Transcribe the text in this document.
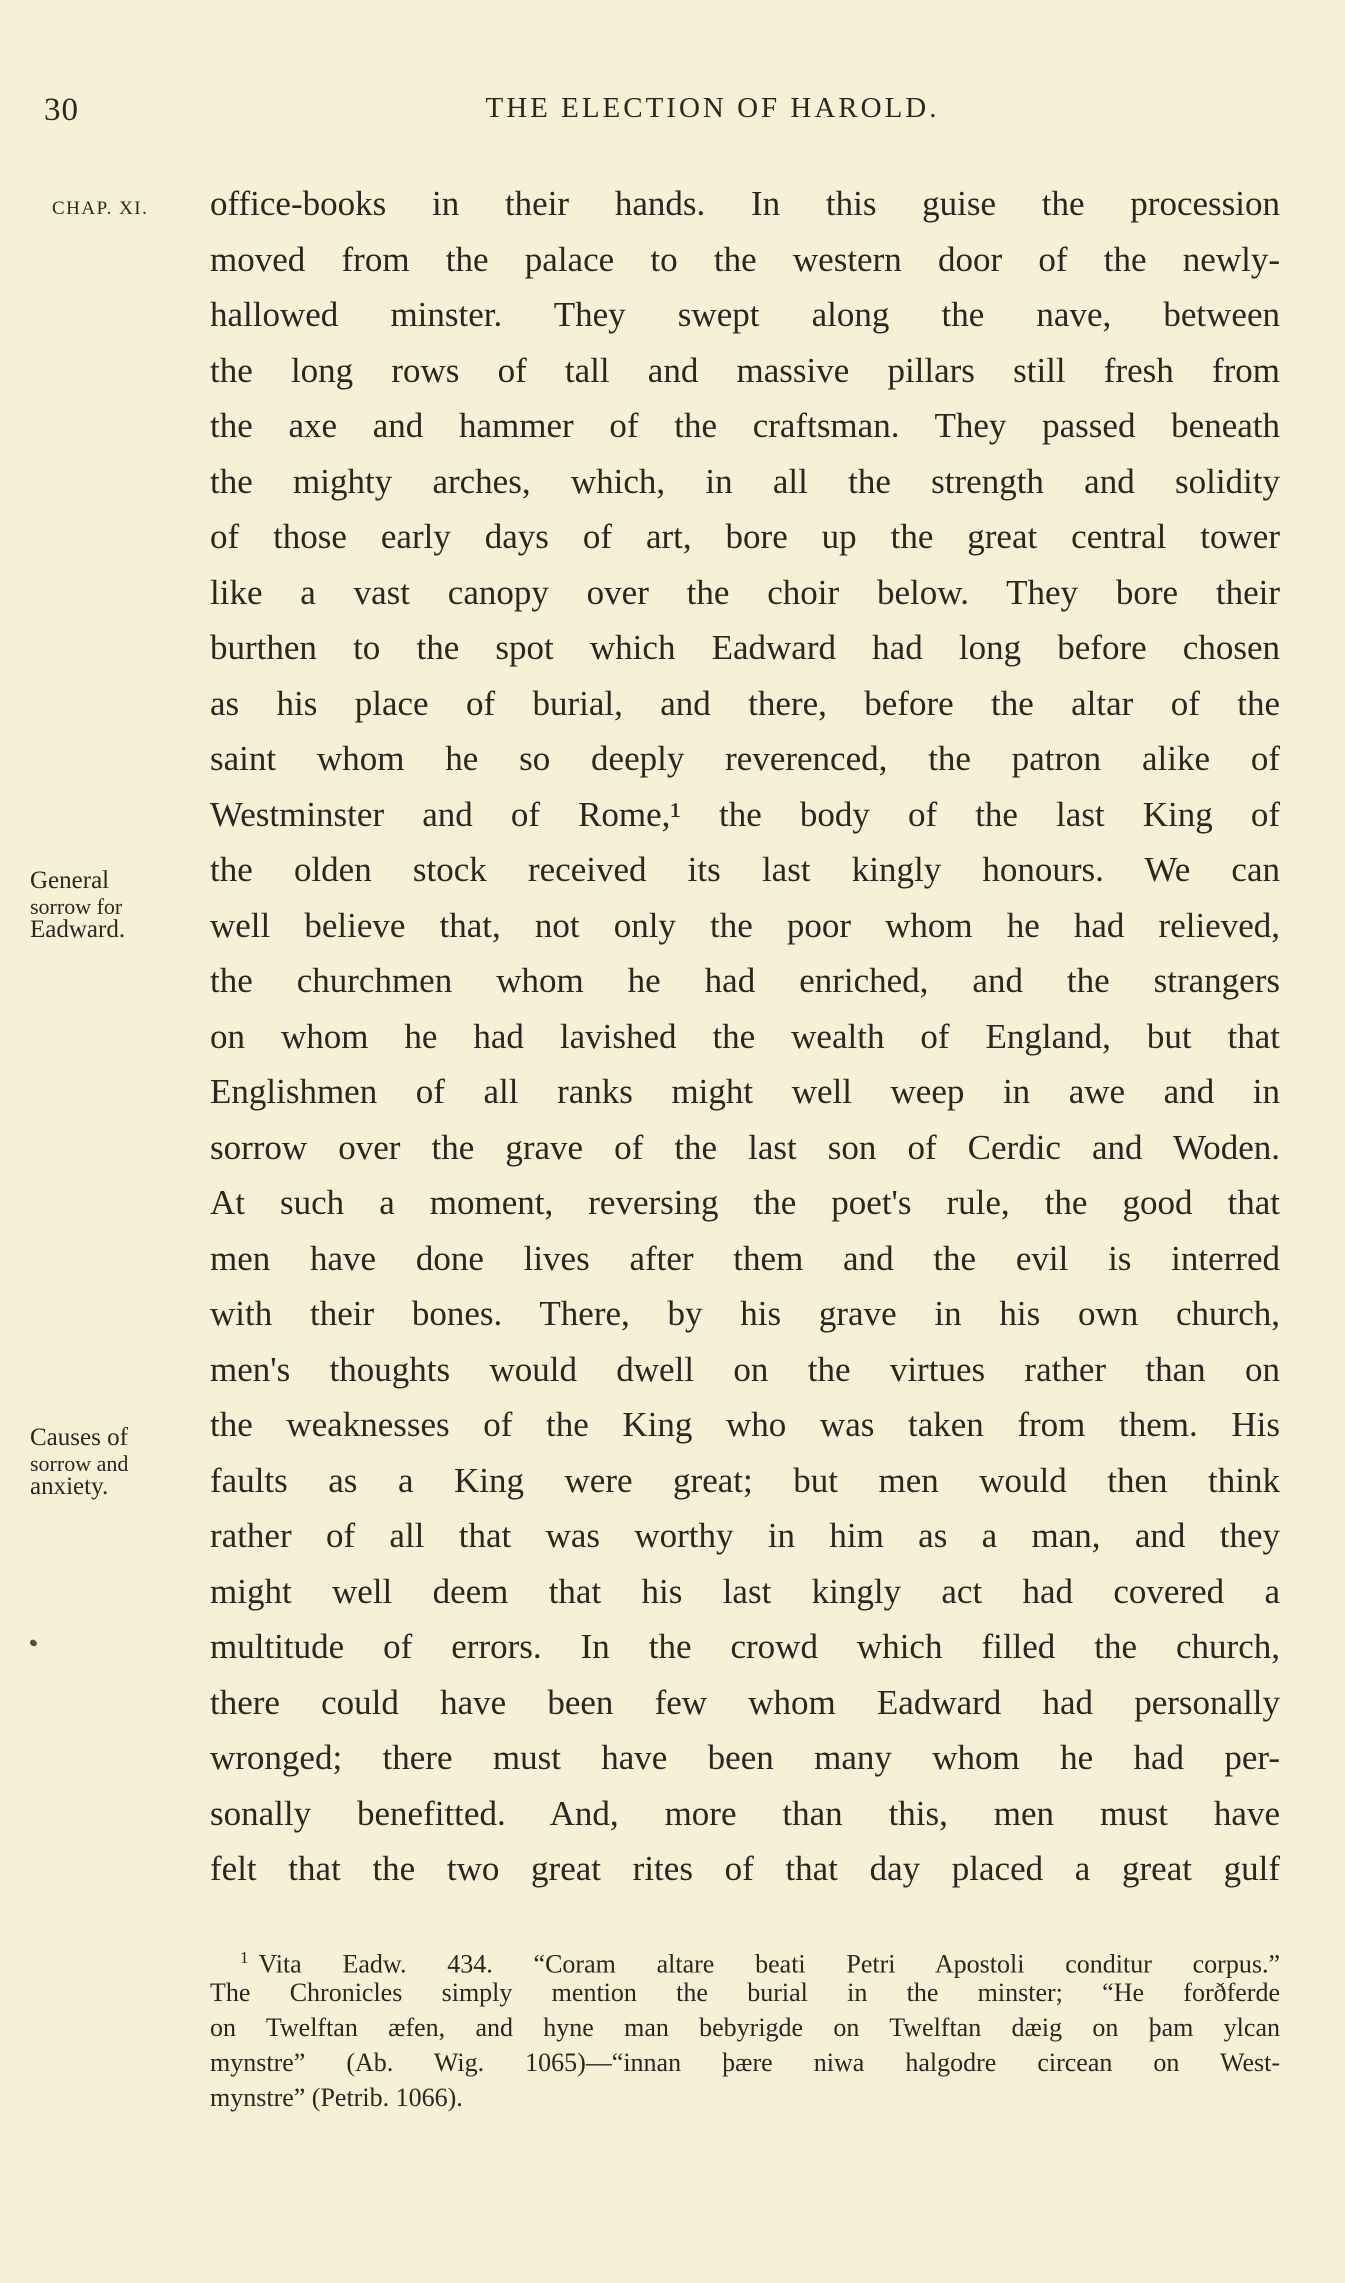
30	THE ELECTION OF HAROLD.
CHAP. XI.
General
sorrow for
Eadward.
Causes of
sorrow and
anxiety.
office-books in their hands. In this guise the procession
moved from the palace to the western door of the newly-
hallowed minster. They swept along the nave, between
the long rows of tall and massive pillars still fresh from
the axe and hammer of the craftsman. They passed beneath
the mighty arches, which, in all the strength and solidity
of those early days of art, bore up the great central tower
like a vast canopy over the choir below. They bore their
burthen to the spot which Eadward had long before chosen
as his place of burial, and there, before the altar of the
saint whom he so deeply reverenced, the patron alike of
Westminster and of Rome,¹ the body of the last King of
the olden stock received its last kingly honours. We can
well believe that, not only the poor whom he had relieved,
the churchmen whom he had enriched, and the strangers
on whom he had lavished the wealth of England, but that
Englishmen of all ranks might well weep in awe and in
sorrow over the grave of the last son of Cerdic and Woden.
At such a moment, reversing the poet's rule, the good that
men have done lives after them and the evil is interred
with their bones. There, by his grave in his own church,
men's thoughts would dwell on the virtues rather than on
the weaknesses of the King who was taken from them. His
faults as a King were great; but men would then think
rather of all that was worthy in him as a man, and they
might well deem that his last kingly act had covered a
multitude of errors. In the crowd which filled the church,
there could have been few whom Eadward had personally
wronged; there must have been many whom he had per-
sonally benefitted. And, more than this, men must have
felt that the two great rites of that day placed a great gulf
$^1$ Vita Eadw. 434. “Coram altare beati Petri Apostoli conditur corpus.”
The Chronicles simply mention the burial in the minster; “He forðferde
on Twelftan æfen, and hyne man bebyrigde on Twelftan dæig on þam ylcan
mynstre” (Ab. Wig. 1065)—“innan þære niwa halgodre circean on West-
mynstre” (Petrib. 1066).
